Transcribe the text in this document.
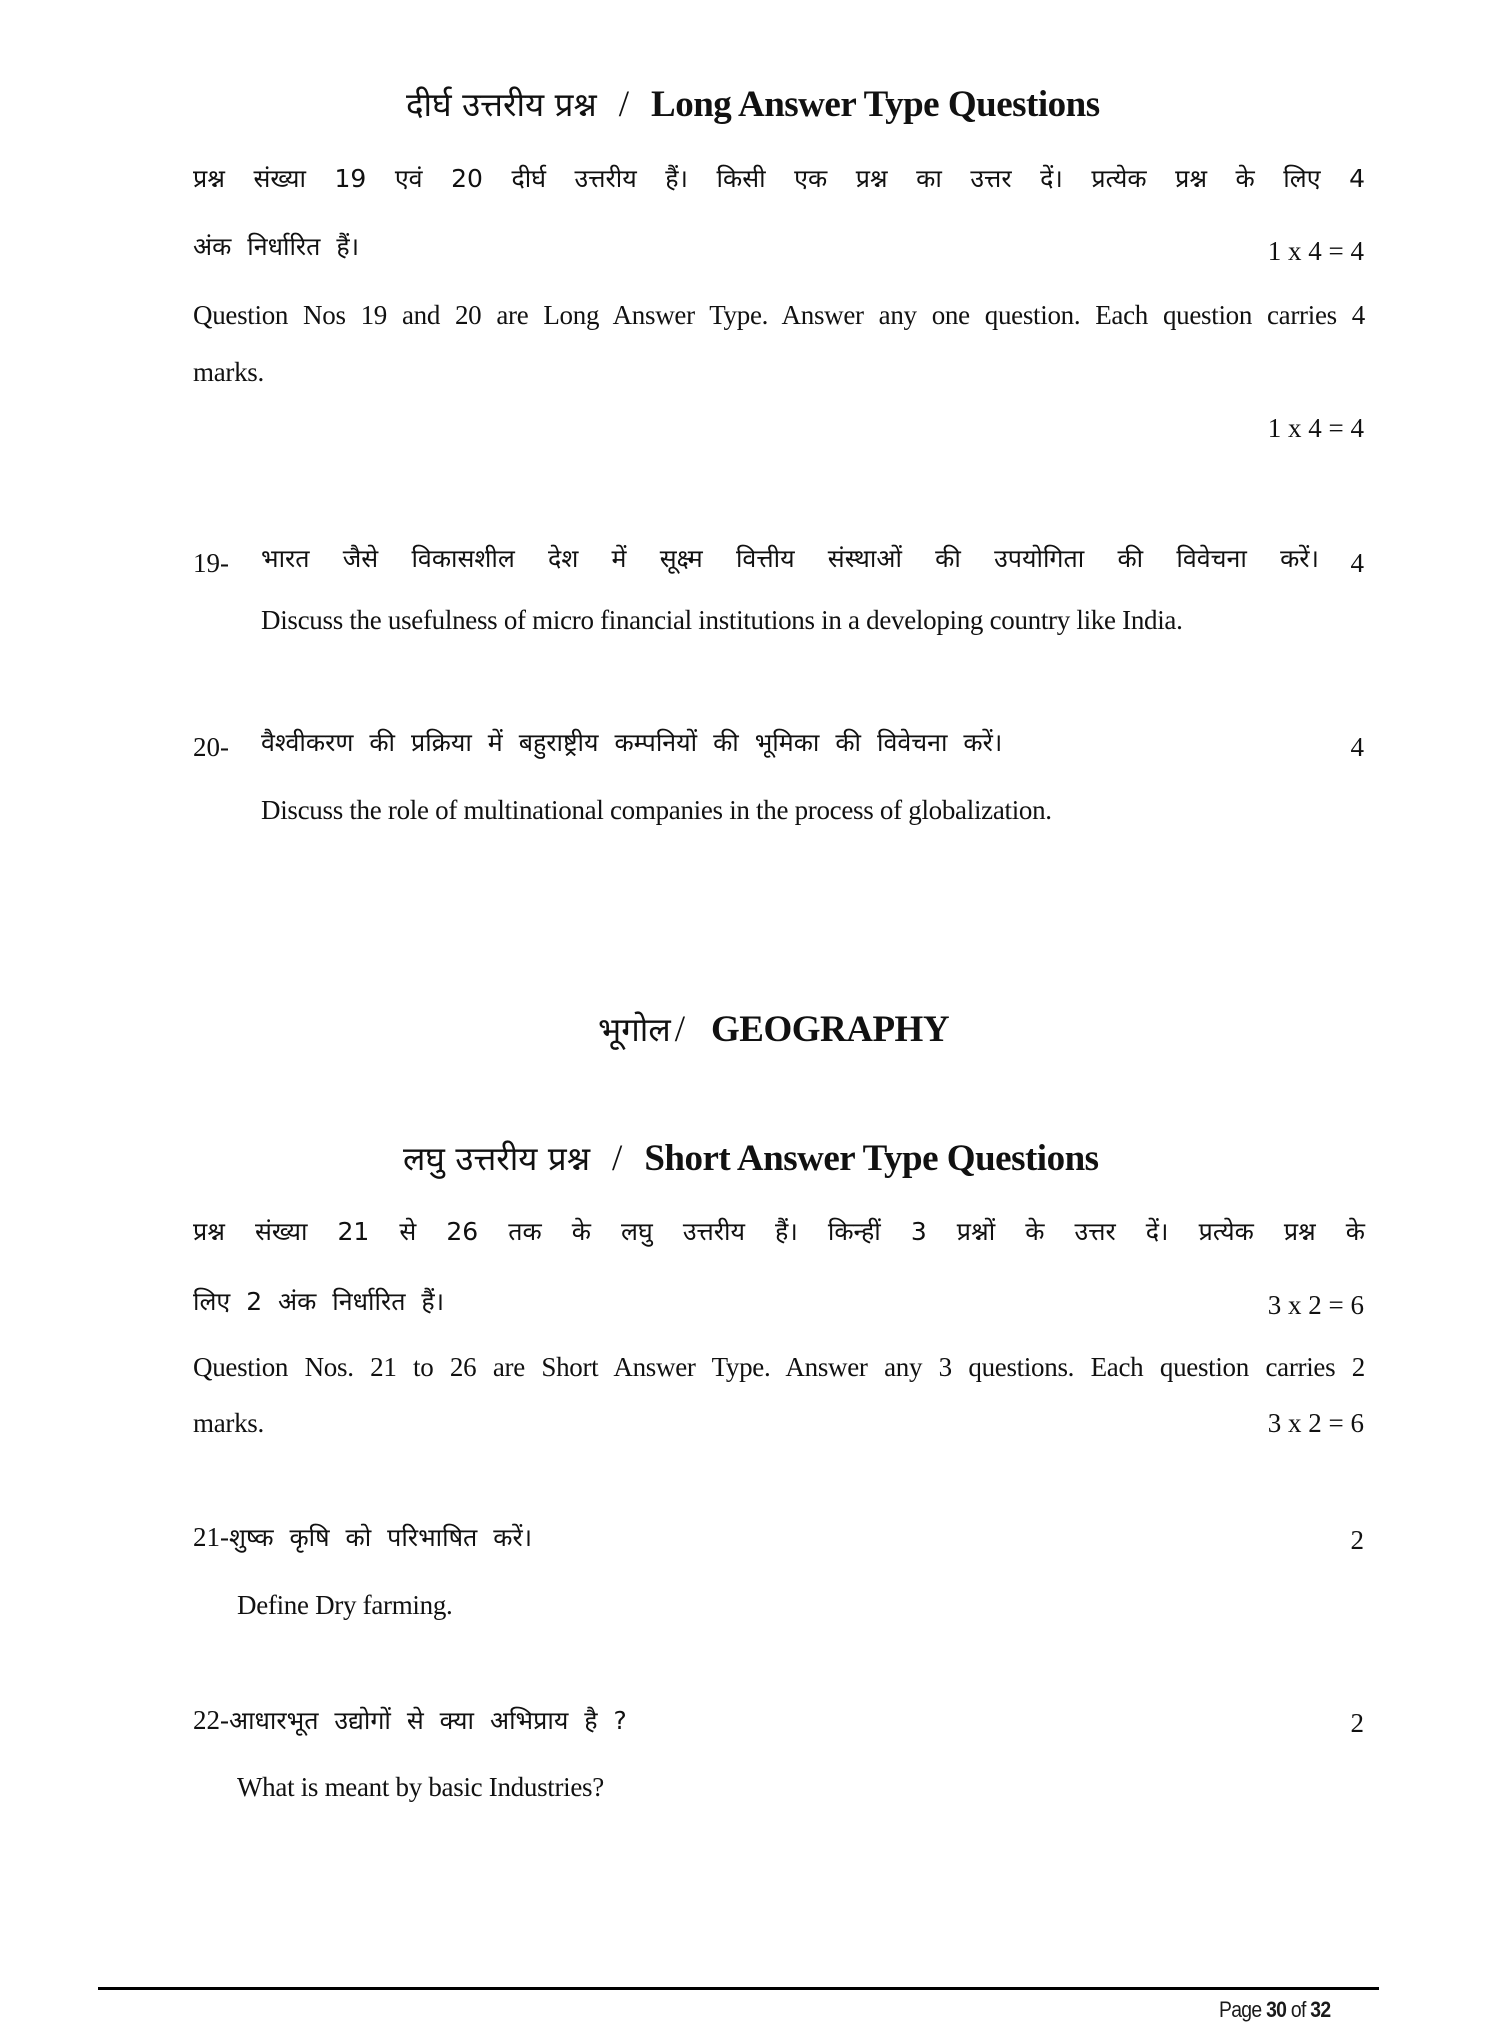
दीर्घ उत्तरीय प्रश्न / Long Answer Type Questions
प्रश्न संख्या 19 एवं 20 दीर्घ उत्तरीय हैं। किसी एक प्रश्न का उत्तर दें। प्रत्येक प्रश्न के लिए 4
अंक निर्धारित हैं।	1 x 4 = 4
Question Nos 19 and 20 are Long Answer Type. Answer any one question. Each question carries 4
marks.
1 x 4 = 4
19- भारत जैसे विकासशील देश में सूक्ष्म वित्तीय संस्थाओं की उपयोगिता की विवेचना करें। 4
Discuss the usefulness of micro financial institutions in a developing country like India.
20- वैश्वीकरण की प्रक्रिया में बहुराष्ट्रीय कम्पनियों की भूमिका की विवेचना करें।	4
Discuss the role of multinational companies in the process of globalization.
भूगोल / GEOGRAPHY
लघु उत्तरीय प्रश्न / Short Answer Type Questions
प्रश्न संख्या 21 से 26 तक के लघु उत्तरीय हैं। किन्हीं 3 प्रश्नों के उत्तर दें। प्रत्येक प्रश्न के
लिए 2 अंक निर्धारित हैं।	3 x 2 = 6
Question Nos. 21 to 26 are Short Answer Type. Answer any 3 questions. Each question carries 2
marks.	3 x 2 = 6
21-शुष्क कृषि को परिभाषित करें।	2
Define Dry farming.
22-आधारभूत उद्योगों से क्या अभिप्राय है ?	2
What is meant by basic Industries?
Page 30 of 32
